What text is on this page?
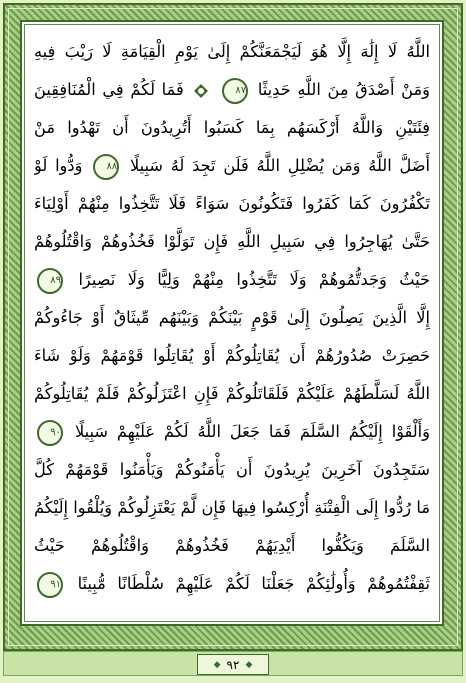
اللَّهُ لَا إِلَٰهَ إِلَّا هُوَ لَيَجْمَعَنَّكُمْ إِلَىٰ يَوْمِ الْقِيَامَةِ لَا رَيْبَ فِيهِ
وَمَنْ أَصْدَقُ مِنَ اللَّهِ حَدِيثًا ٨٧  فَمَا لَكُمْ فِي الْمُنَافِقِينَ
فِئَتَيْنِ وَاللَّهُ أَرْكَسَهُم بِمَا كَسَبُوا أَتُرِيدُونَ أَن تَهْدُوا مَنْ
أَضَلَّ اللَّهُ وَمَن يُضْلِلِ اللَّهُ فَلَن تَجِدَ لَهُ سَبِيلًا ٨٨ وَدُّوا لَوْ
تَكْفُرُونَ كَمَا كَفَرُوا فَتَكُونُونَ سَوَاءً فَلَا تَتَّخِذُوا مِنْهُمْ أَوْلِيَاءَ
حَتَّىٰ يُهَاجِرُوا فِي سَبِيلِ اللَّهِ فَإِن تَوَلَّوْا فَخُذُوهُمْ وَاقْتُلُوهُمْ
حَيْثُ وَجَدتُّمُوهُمْ وَلَا تَتَّخِذُوا مِنْهُمْ وَلِيًّا وَلَا نَصِيرًا ٨٩
إِلَّا الَّذِينَ يَصِلُونَ إِلَىٰ قَوْمٍ بَيْنَكُمْ وَبَيْنَهُم مِّيثَاقٌ أَوْ جَاءُوكُمْ
حَصِرَتْ صُدُورُهُمْ أَن يُقَاتِلُوكُمْ أَوْ يُقَاتِلُوا قَوْمَهُمْ وَلَوْ شَاءَ
اللَّهُ لَسَلَّطَهُمْ عَلَيْكُمْ فَلَقَاتَلُوكُمْ فَإِنِ اعْتَزَلُوكُمْ فَلَمْ يُقَاتِلُوكُمْ
وَأَلْقَوْا إِلَيْكُمُ السَّلَمَ فَمَا جَعَلَ اللَّهُ لَكُمْ عَلَيْهِمْ سَبِيلًا ٩٠
سَتَجِدُونَ آخَرِينَ يُرِيدُونَ أَن يَأْمَنُوكُمْ وَيَأْمَنُوا قَوْمَهُمْ كُلَّ
مَا رُدُّوا إِلَى الْفِتْنَةِ أُرْكِسُوا فِيهَا فَإِن لَّمْ يَعْتَزِلُوكُمْ وَيُلْقُوا إِلَيْكُمُ
السَّلَمَ وَيَكُفُّوا أَيْدِيَهُمْ فَخُذُوهُمْ وَاقْتُلُوهُمْ حَيْثُ
ثَقِفْتُمُوهُمْ وَأُولَٰئِكُمْ جَعَلْنَا لَكُمْ عَلَيْهِمْ سُلْطَانًا مُّبِينًا ٩١
◆ ٩٢ ◆
